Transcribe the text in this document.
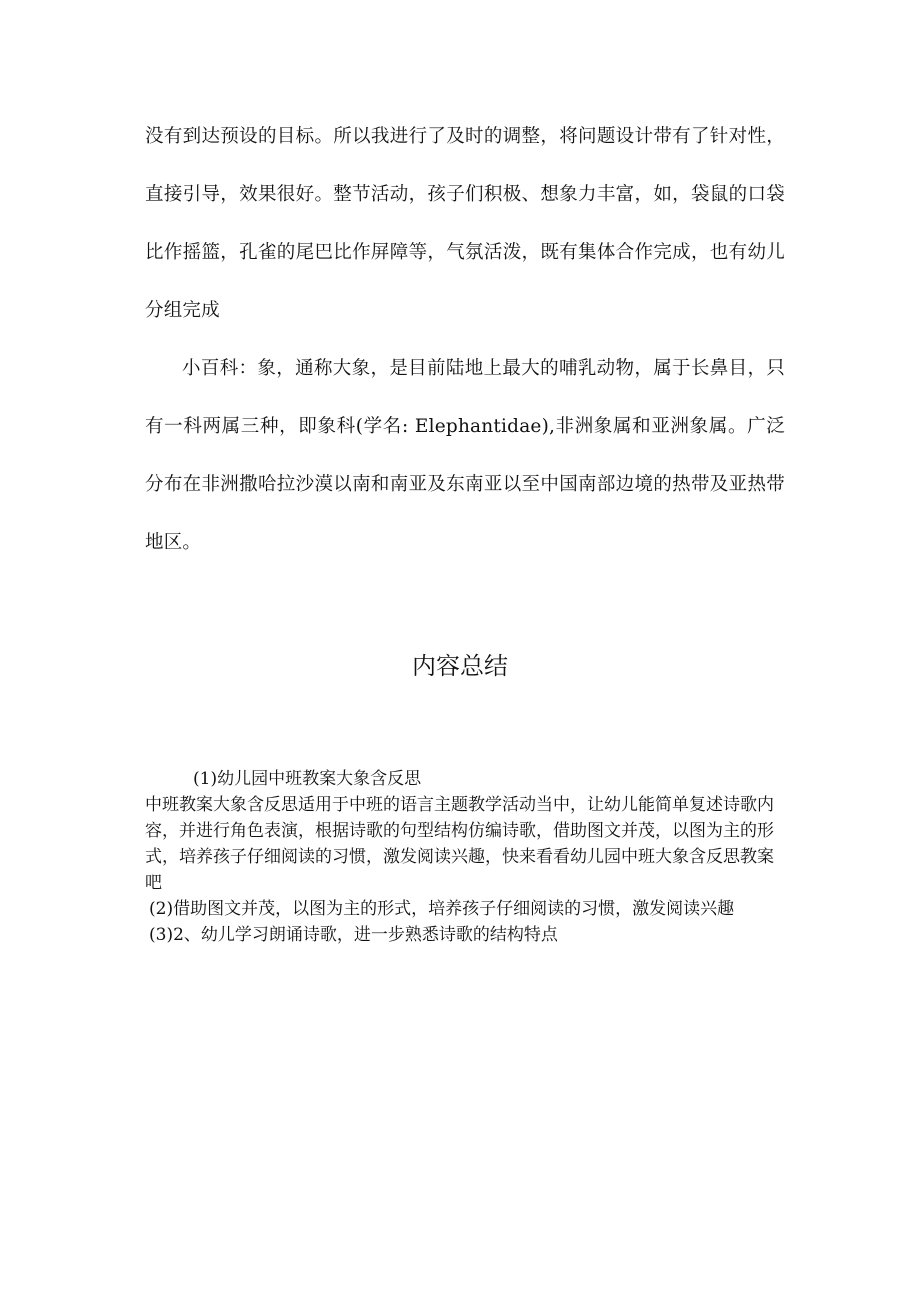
没有到达预设的目标。所以我进行了及时的调整，将问题设计带有了针对性，直接引导，效果很好。整节活动，孩子们积极、想象力丰富，如，袋鼠的口袋比作摇篮，孔雀的尾巴比作屏障等，气氛活泼，既有集体合作完成，也有幼儿分组完成

小百科：象，通称大象，是目前陆地上最大的哺乳动物，属于长鼻目，只有一科两属三种，即象科(学名: Elephantidae),非洲象属和亚洲象属。广泛分布在非洲撒哈拉沙漠以南和南亚及东南亚以至中国南部边境的热带及亚热带地区。

内容总结

(1)幼儿园中班教案大象含反思

中班教案大象含反思适用于中班的语言主题教学活动当中，让幼儿能简单复述诗歌内容，并进行角色表演，根据诗歌的句型结构仿编诗歌，借助图文并茂，以图为主的形式，培养孩子仔细阅读的习惯，激发阅读兴趣，快来看看幼儿园中班大象含反思教案吧

(2)借助图文并茂，以图为主的形式，培养孩子仔细阅读的习惯，激发阅读兴趣

(3)2、幼儿学习朗诵诗歌，进一步熟悉诗歌的结构特点
